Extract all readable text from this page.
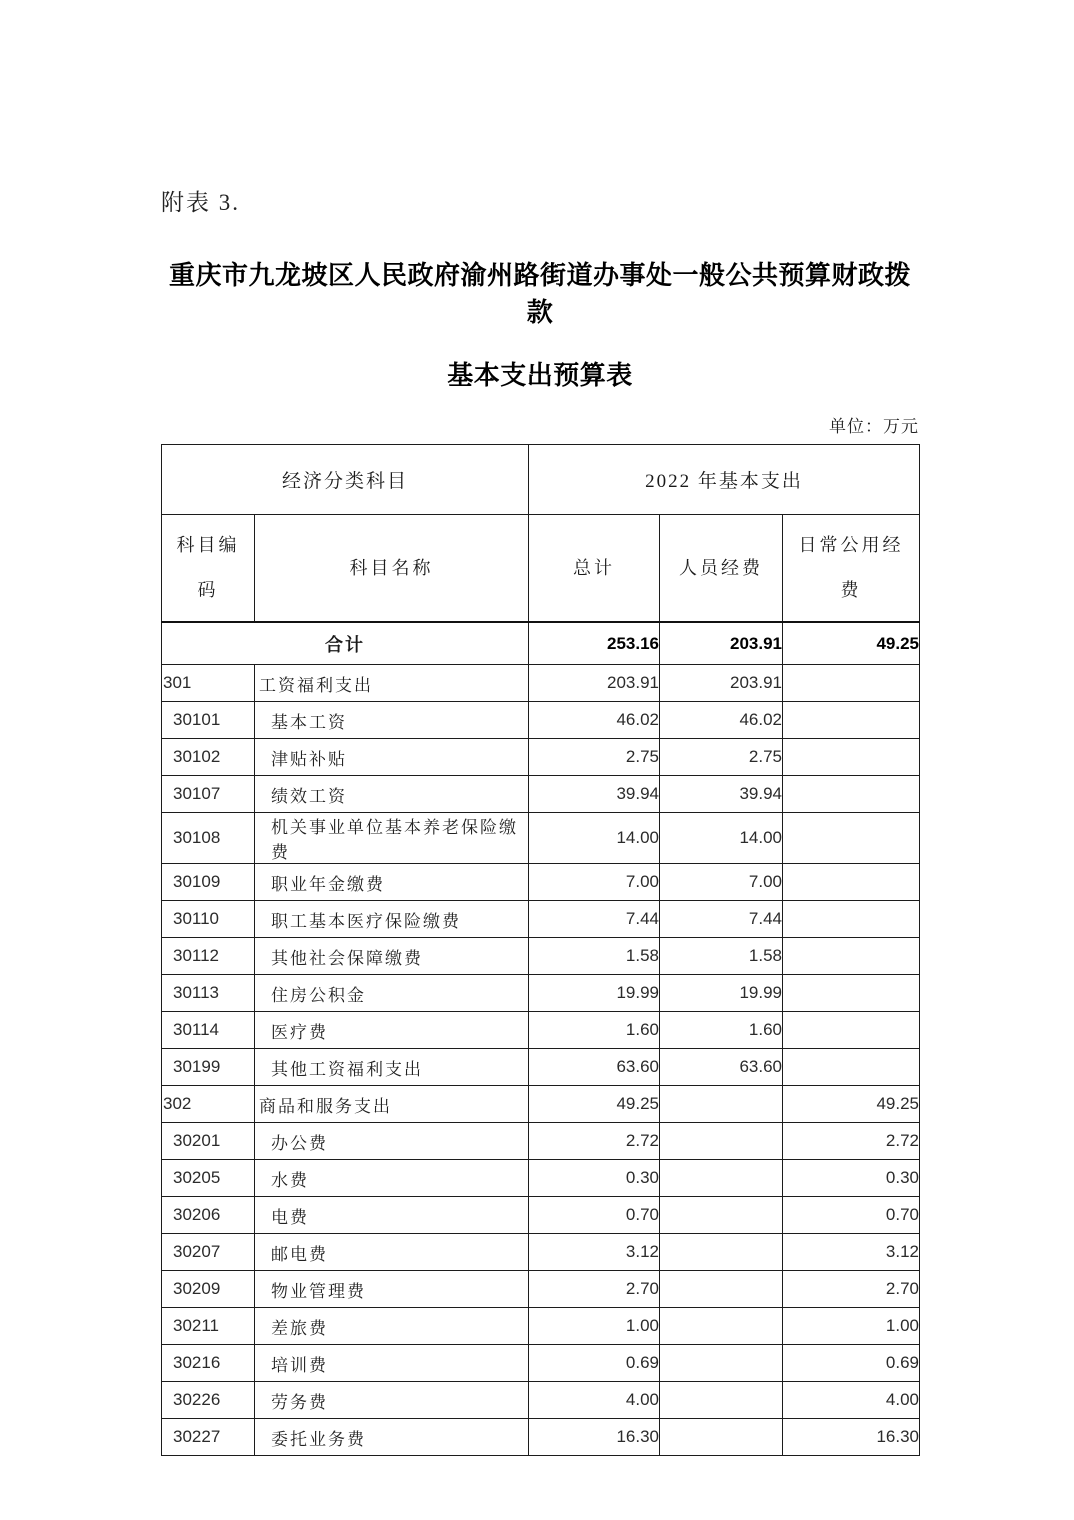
附表 3.
重庆市九龙坡区人民政府渝州路街道办事处一般公共预算财政拨款
基本支出预算表
单位：万元
经济分类科目		2022 年基本支出		
科目编码	科目名称	总计	人员经费	日常公用经费
合计		253.16	203.91	49.25
301	工资福利支出	203.91	203.91	
30101	基本工资	46.02	46.02	
30102	津贴补贴	2.75	2.75	
30107	绩效工资	39.94	39.94	
30108	机关事业单位基本养老保险缴费	14.00	14.00	
30109	职业年金缴费	7.00	7.00	
30110	职工基本医疗保险缴费	7.44	7.44	
30112	其他社会保障缴费	1.58	1.58	
30113	住房公积金	19.99	19.99	
30114	医疗费	1.60	1.60	
30199	其他工资福利支出	63.60	63.60	
302	商品和服务支出	49.25		49.25
30201	办公费	2.72		2.72
30205	水费	0.30		0.30
30206	电费	0.70		0.70
30207	邮电费	3.12		3.12
30209	物业管理费	2.70		2.70
30211	差旅费	1.00		1.00
30216	培训费	0.69		0.69
30226	劳务费	4.00		4.00
30227	委托业务费	16.30		16.30
